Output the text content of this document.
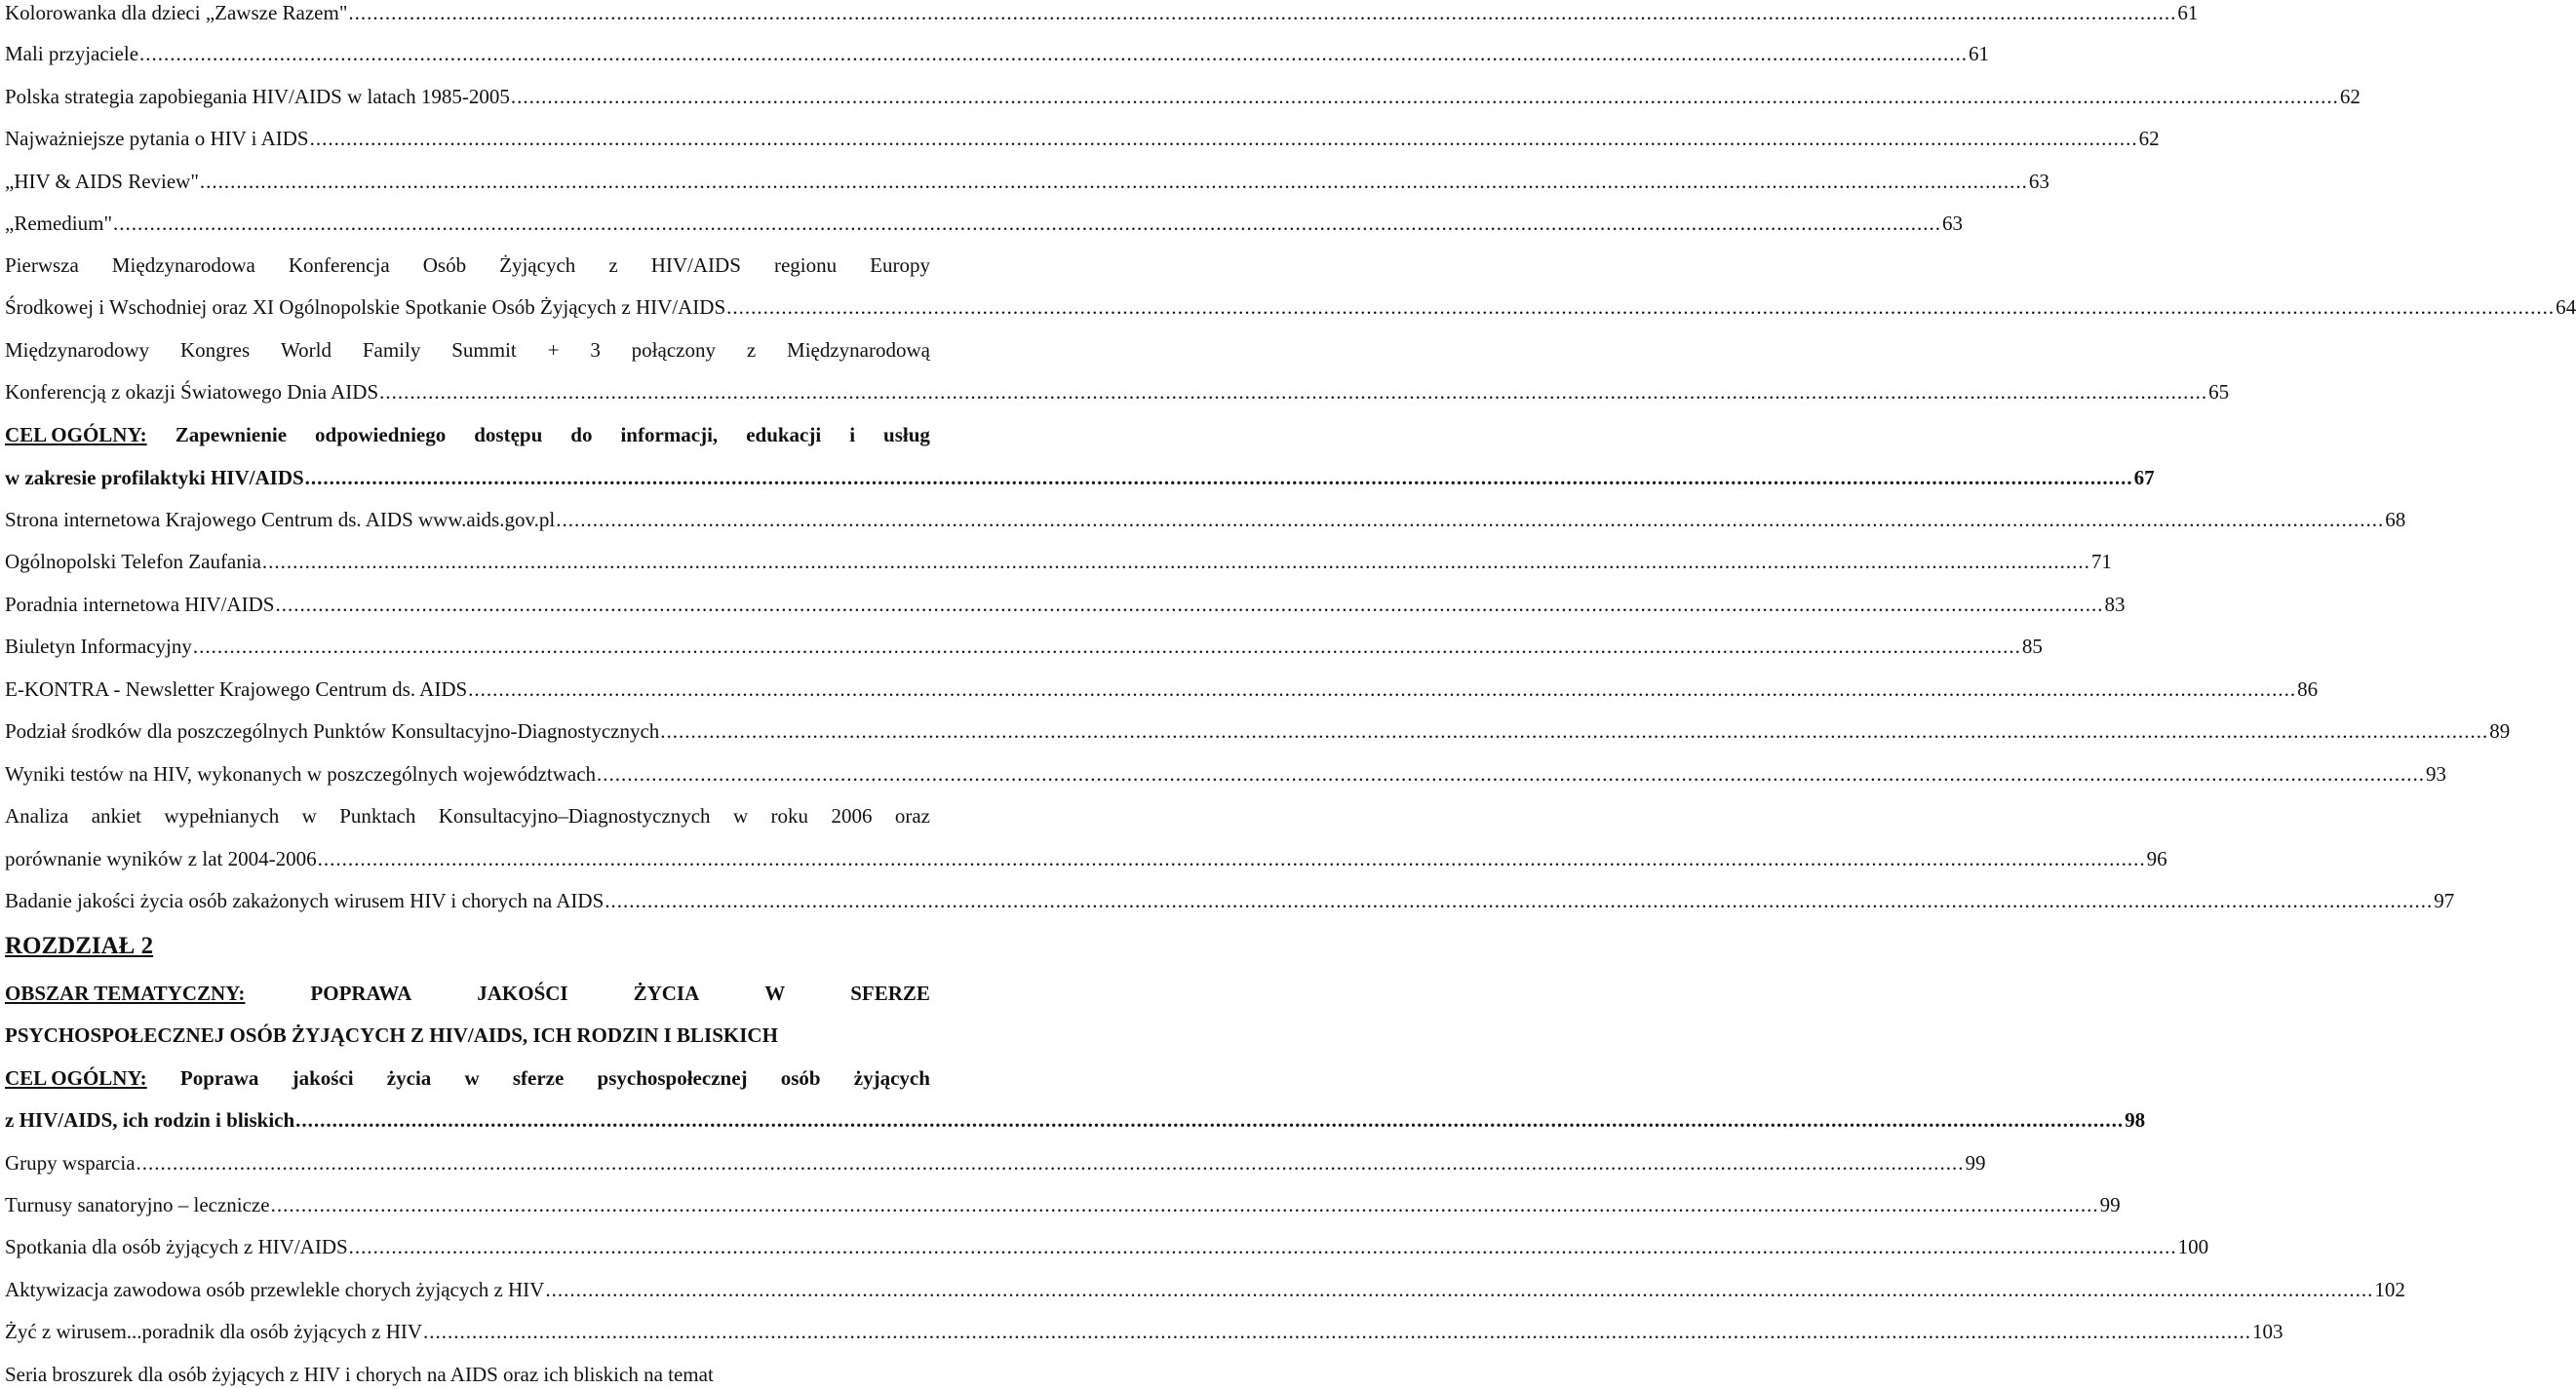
Kolorowanka dla dzieci „Zawsze Razem" ............................................................................................................................................................................................................................................................................................................ 61
Mali przyjaciele ............................................................................................................................................................................................................................................................................................................ 61
Polska strategia zapobiegania HIV/AIDS w latach 1985-2005 ............................................................................................................................................................................................................................................................................................................ 62
Najważniejsze pytania o HIV i AIDS ............................................................................................................................................................................................................................................................................................................ 62
„HIV & AIDS Review" ............................................................................................................................................................................................................................................................................................................ 63
„Remedium" ............................................................................................................................................................................................................................................................................................................ 63
Pierwsza Międzynarodowa Konferencja Osób Żyjących z HIV/AIDS regionu Europy
Środkowej i Wschodniej oraz XI Ogólnopolskie Spotkanie Osób Żyjących z HIV/AIDS ............................................................................................................................................................................................................................................................................................................ 64
Międzynarodowy Kongres World Family Summit + 3 połączony z Międzynarodową
Konferencją z okazji Światowego Dnia AIDS ............................................................................................................................................................................................................................................................................................................ 65
CEL OGÓLNY: Zapewnienie odpowiedniego dostępu do informacji, edukacji i usług
w zakresie profilaktyki HIV/AIDS ............................................................................................................................................................................................................................................................................................................ 67
Strona internetowa Krajowego Centrum ds. AIDS www.aids.gov.pl ............................................................................................................................................................................................................................................................................................................ 68
Ogólnopolski Telefon Zaufania ............................................................................................................................................................................................................................................................................................................ 71
Poradnia internetowa HIV/AIDS ............................................................................................................................................................................................................................................................................................................ 83
Biuletyn Informacyjny ............................................................................................................................................................................................................................................................................................................ 85
E-KONTRA - Newsletter Krajowego Centrum ds. AIDS ............................................................................................................................................................................................................................................................................................................ 86
Podział środków dla poszczególnych Punktów Konsultacyjno-Diagnostycznych ............................................................................................................................................................................................................................................................................................................ 89
Wyniki testów na HIV, wykonanych w poszczególnych województwach ............................................................................................................................................................................................................................................................................................................ 93
Analiza ankiet wypełnianych w Punktach Konsultacyjno–Diagnostycznych w roku 2006 oraz
porównanie wyników z lat 2004-2006 ............................................................................................................................................................................................................................................................................................................ 96
Badanie jakości życia osób zakażonych wirusem HIV i chorych na AIDS ............................................................................................................................................................................................................................................................................................................ 97
ROZDZIAŁ 2
OBSZAR TEMATYCZNY:	POPRAWA	JAKOŚCI	ŻYCIA	W	SFERZE
PSYCHOSPOŁECZNEJ OSÓB ŻYJĄCYCH Z HIV/AIDS, ICH RODZIN I BLISKICH
CEL OGÓLNY: Poprawa jakości życia w sferze psychospołecznej osób żyjących
z HIV/AIDS, ich rodzin i bliskich ............................................................................................................................................................................................................................................................................................................ 98
Grupy wsparcia ............................................................................................................................................................................................................................................................................................................ 99
Turnusy sanatoryjno – lecznicze ............................................................................................................................................................................................................................................................................................................ 99
Spotkania dla osób żyjących z HIV/AIDS ............................................................................................................................................................................................................................................................................................................ 100
Aktywizacja zawodowa osób przewlekle chorych żyjących z HIV ............................................................................................................................................................................................................................................................................................................ 102
Żyć z wirusem...poradnik dla osób żyjących z HIV ............................................................................................................................................................................................................................................................................................................ 103
Seria broszurek dla osób żyjących z HIV i chorych na AIDS oraz ich bliskich na temat
